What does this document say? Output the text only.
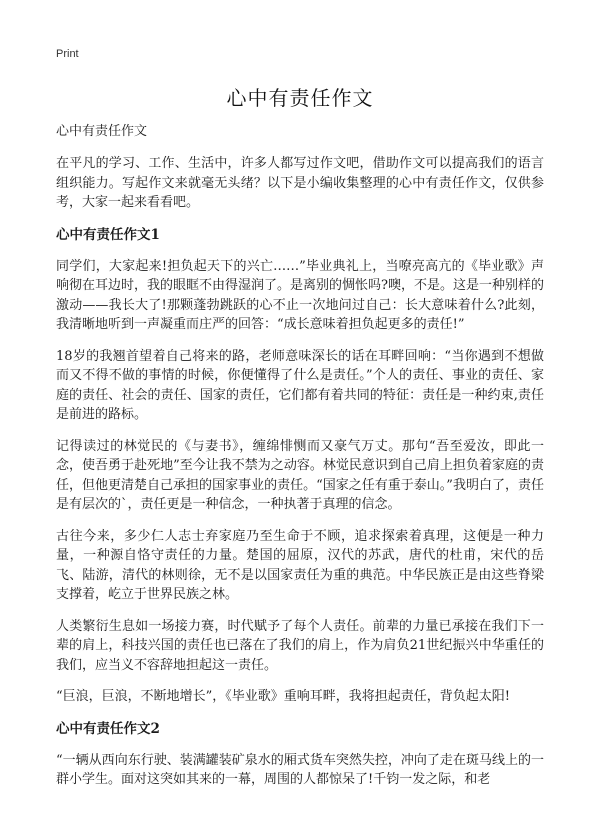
Print
心中有责任作文
心中有责任作文

在平凡的学习、工作、生活中，许多人都写过作文吧，借助作文可以提高我们的语言组织能力。写起作文来就毫无头绪？以下是小编收集整理的心中有责任作文，仅供参考，大家一起来看看吧。

心中有责任作文1

同学们，大家起来!担负起天下的兴亡……”毕业典礼上，当嘹亮高亢的《毕业歌》声响彻在耳边时，我的眼眶不由得湿润了。是离别的惆怅吗?噢，不是。这是一种别样的激动——我长大了!那颗蓬勃跳跃的心不止一次地问过自己：长大意味着什么?此刻，我清晰地听到一声凝重而庄严的回答：“成长意味着担负起更多的责任!”

18岁的我翘首望着自己将来的路，老师意味深长的话在耳畔回响：“当你遇到不想做而又不得不做的事情的时候，你便懂得了什么是责任。”个人的责任、事业的责任、家庭的责任、社会的责任、国家的责任，它们都有着共同的特征：责任是一种约束,责任是前进的路标。

记得读过的林觉民的《与妻书》，缠绵悱恻而又豪气万丈。那句“吾至爱汝，即此一念，使吾勇于赴死地”至今让我不禁为之动容。林觉民意识到自己肩上担负着家庭的责任，但他更清楚自己承担的国家事业的责任。“国家之任有重于泰山。”我明白了，责任是有层次的`，责任更是一种信念，一种执著于真理的信念。

古往今来，多少仁人志士弃家庭乃至生命于不顾，追求探索着真理，这便是一种力量，一种源自恪守责任的力量。楚国的屈原，汉代的苏武，唐代的杜甫，宋代的岳飞、陆游，清代的林则徐，无不是以国家责任为重的典范。中华民族正是由这些脊梁支撑着，屹立于世界民族之林。

人类繁衍生息如一场接力赛，时代赋予了每个人责任。前辈的力量已承接在我们下一辈的肩上，科技兴国的责任也已落在了我们的肩上，作为肩负21世纪振兴中华重任的我们，应当义不容辞地担起这一责任。

“巨浪，巨浪，不断地增长”，《毕业歌》重响耳畔，我将担起责任，背负起太阳!

心中有责任作文2

“一辆从西向东行驶、装满罐装矿泉水的厢式货车突然失控，冲向了走在斑马线上的一群小学生。面对这突如其来的一幕，周围的人都惊呆了!千钧一发之际，和老
